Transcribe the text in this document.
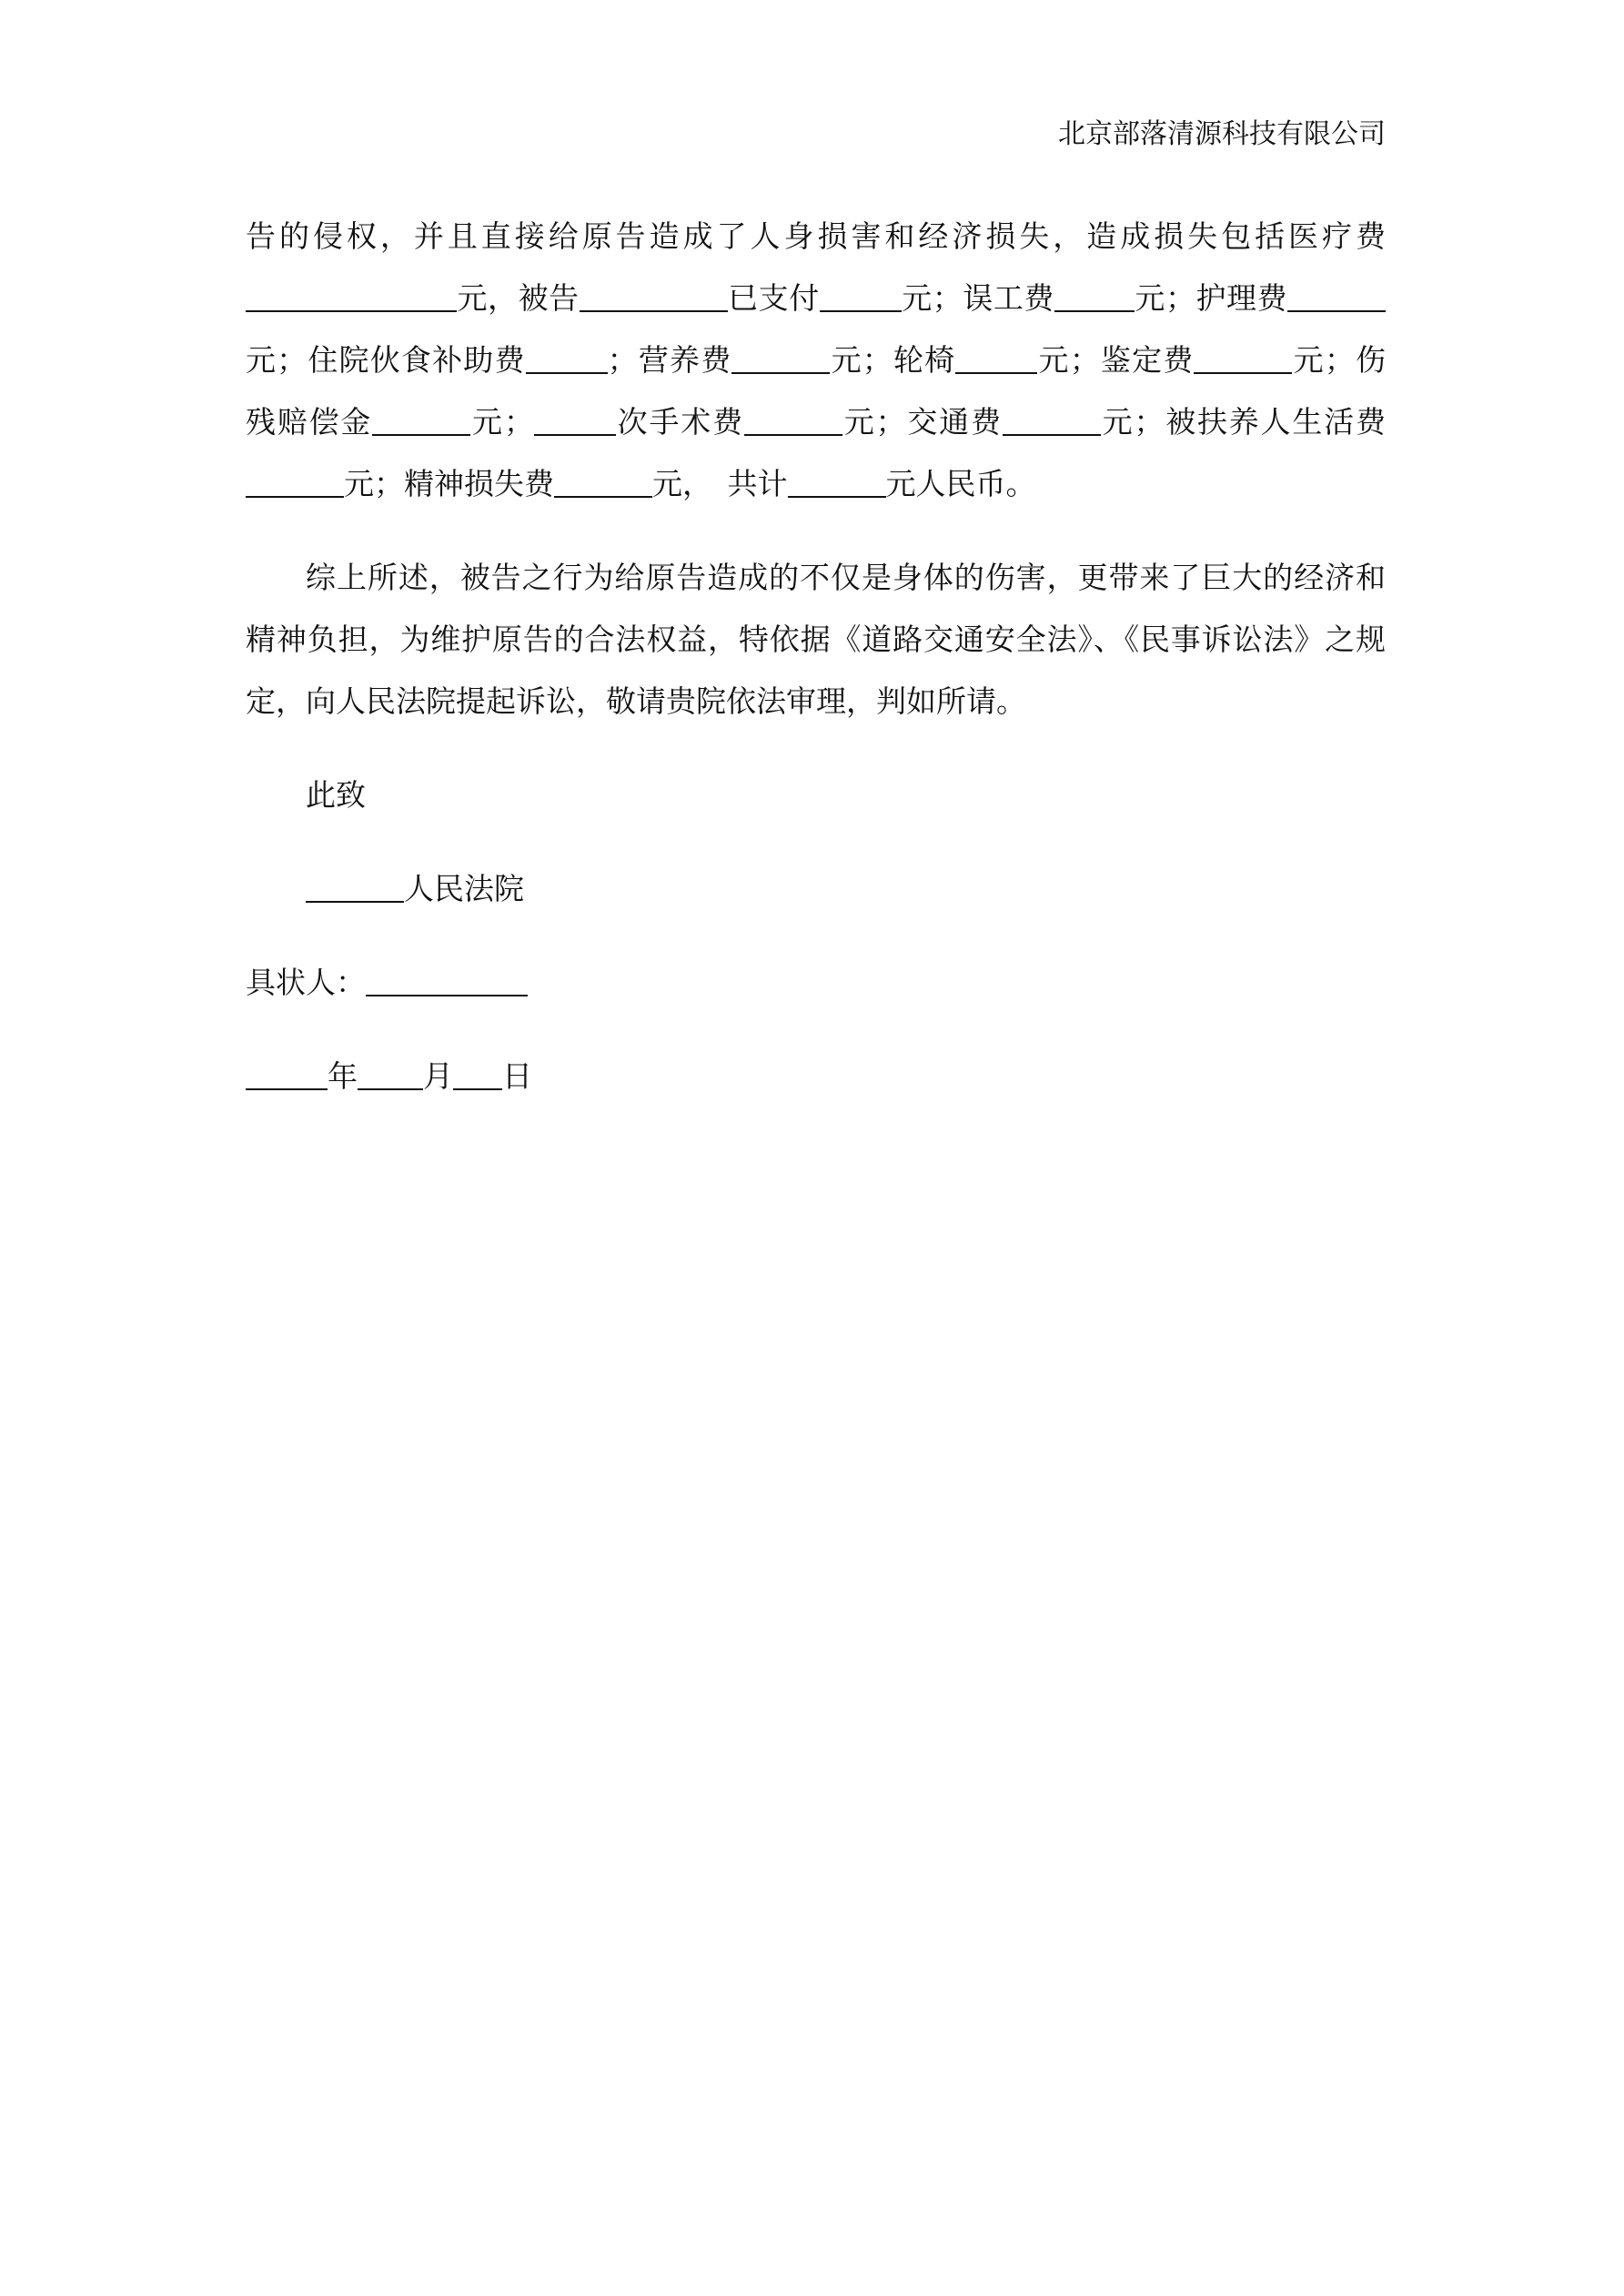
北京部落清源科技有限公司

告的侵权，并且直接给原告造成了人身损害和经济损失，造成损失包括医疗费元，被告	已支付	元；误工费	元；护理费元；住院伙食补助费	；营养费	元；轮椅	元；鉴定费	元；伤残赔偿金	元；	次手术费	元；交通费	元；被扶养人生活费元；精神损失费	元，　共计	元人民币。

综上所述，被告之行为给原告造成的不仅是身体的伤害，更带来了巨大的经济和精神负担，为维护原告的合法权益，特依据《道路交通安全法》、《民事诉讼法》之规定，向人民法院提起诉讼，敬请贵院依法审理，判如所请。

此致

人民法院

具状人：

年 月 日
